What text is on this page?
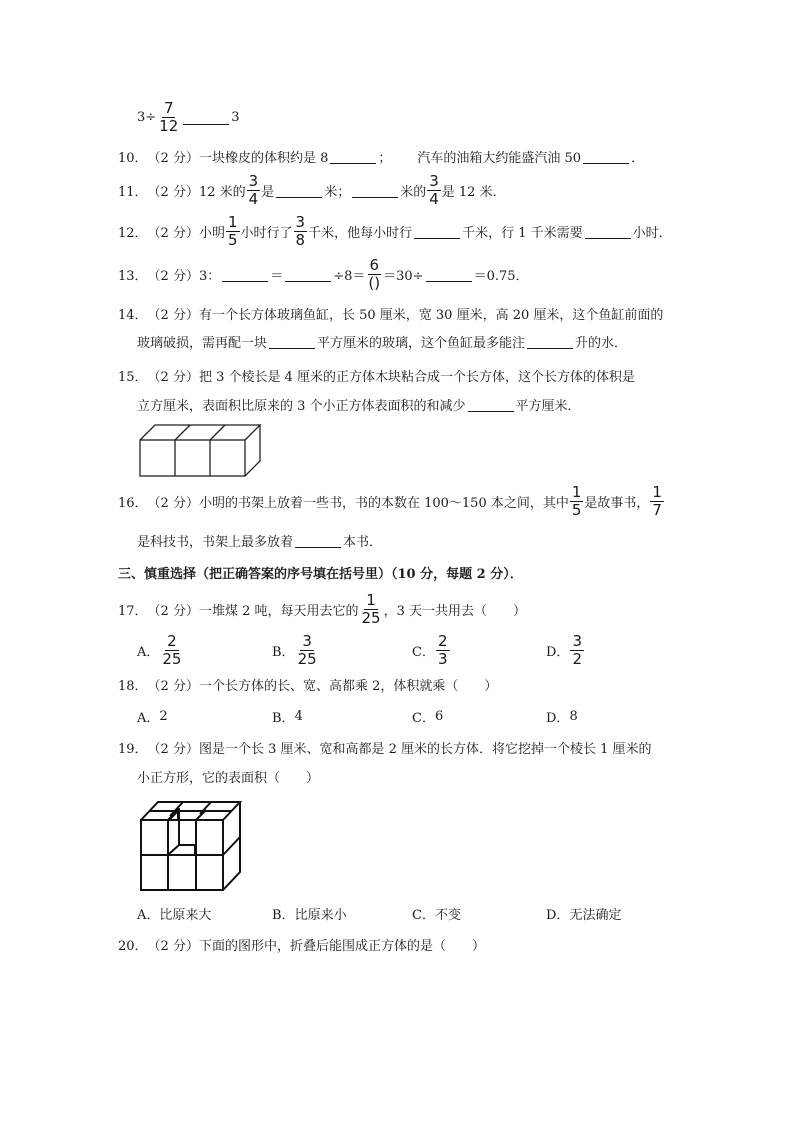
$3\div \frac{7}{12}$	3
10． （2 分） 一块橡皮的体积约是 8	； 汽车的油箱大约能盛汽油 50	．
11． （2 分） 12 米的 $\frac{3}{4}$ 是	米；	米的 $\frac{3}{4}$ 是 12 米．
12． （2 分） 小明 $\frac{1}{5}$ 小时行了 $\frac{3}{8}$ 千米，他每小时行	千米，行 1 千米需要	小时．
13． （2 分） 3：	＝	$\div 8= \frac{6}{()} =30\div$	＝0.75．
14． （2 分） 有一个长方体玻璃鱼缸，长 50 厘米，宽 30 厘米，高 20 厘米，这个鱼缸前面的
玻璃破损，需再配一块	平方厘米的玻璃，这个鱼缸最多能注	升的水．
15． （2 分） 把 3 个棱长是 4 厘米的正方体木块粘合成一个长方体，这个长方体的体积是
立方厘米，表面积比原来的 3 个小正方体表面积的和减少	平方厘米．
16． （2 分） 小明的书架上放着一些书，书的本数在 100～150 本之间，其中 $\frac{1}{5}$ 是故事书， $\frac{1}{7}$
是科技书，书架上最多放着	本书．
三、慎重选择（把正确答案的序号填在括号里）（10 分，每题 2 分）．
17． （2 分） 一堆煤 2 吨，每天用去它的 $\frac{1}{25}$ ，3 天一共用去（　　）
A． $\frac{2}{25}$	B． $\frac{3}{25}$	C． $\frac{2}{3}$	D． $\frac{3}{2}$
18． （2 分） 一个长方体的长、宽、高都乘 2，体积就乘（　　）
A． 2	B． 4	C． 6	D． 8
19． （2 分） 图是一个长 3 厘米、宽和高都是 2 厘米的长方体．将它挖掉一个棱长 1 厘米的
小正方形，它的表面积（　　）
A． 比原来大	B． 比原来小	C． 不变	D． 无法确定
20． （2 分） 下面的图形中，折叠后能围成正方体的是（　　）
